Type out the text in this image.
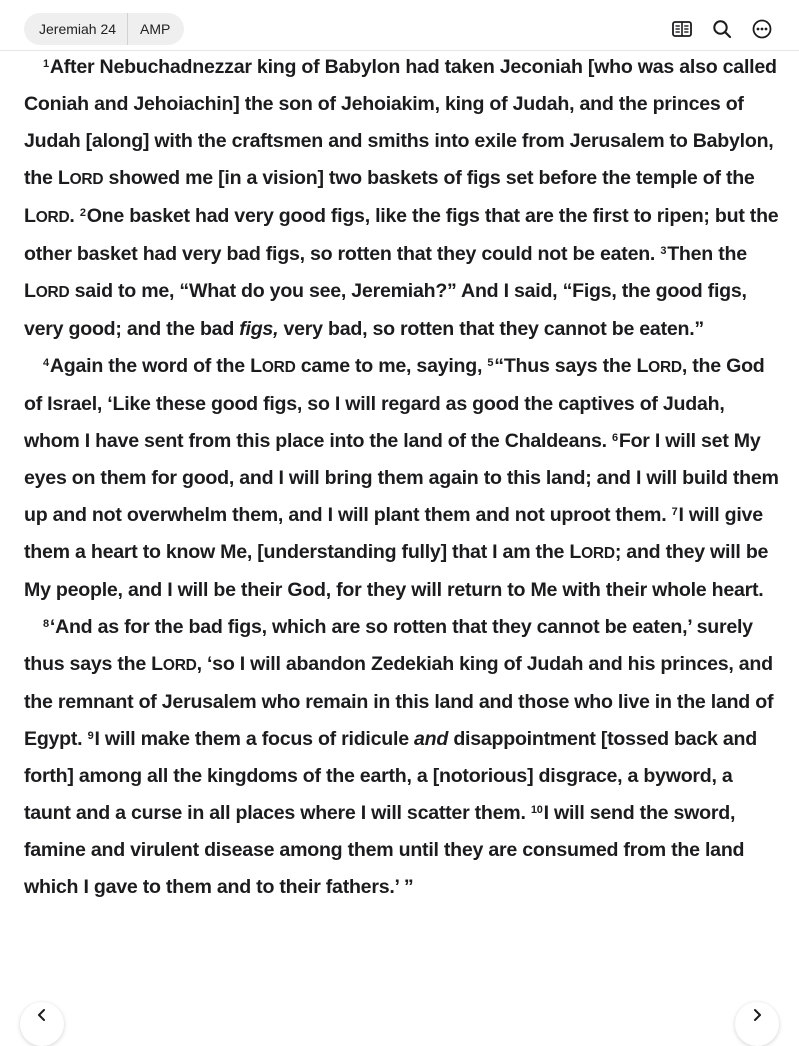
Jeremiah 24	AMP

$^1$After Nebuchadnezzar king of Babylon had taken Jeconiah [who was also called Coniah and Jehoiachin] the son of Jehoiakim, king of Judah, and the princes of Judah [along] with the craftsmen and smiths into exile from Jerusalem to Babylon, the LORD showed me [in a vision] two baskets of figs set before the temple of the LORD. $^2$One basket had very good figs, like the figs that are the first to ripen; but the other basket had very bad figs, so rotten that they could not be eaten. $^3$Then the LORD said to me, “What do you see, Jeremiah?” And I said, “Figs, the good figs, very good; and the bad figs, very bad, so rotten that they cannot be eaten.”

$^4$Again the word of the LORD came to me, saying, $^5$“Thus says the LORD, the God of Israel, ‘Like these good figs, so I will regard as good the captives of Judah, whom I have sent from this place into the land of the Chaldeans. $^6$For I will set My eyes on them for good, and I will bring them again to this land; and I will build them up and not overwhelm them, and I will plant them and not uproot them. $^7$I will give them a heart to know Me, [understanding fully] that I am the LORD; and they will be My people, and I will be their God, for they will return to Me with their whole heart.

$^8$‘And as for the bad figs, which are so rotten that they cannot be eaten,’ surely thus says the LORD, ‘so I will abandon Zedekiah king of Judah and his princes, and the remnant of Jerusalem who remain in this land and those who live in the land of Egypt. $^9$I will make them a focus of ridicule and disappointment [tossed back and forth] among all the kingdoms of the earth, a [notorious] disgrace, a byword, a taunt and a curse in all places where I will scatter them. $^{10}$I will send the sword, famine and virulent disease among them until they are consumed from the land which I gave to them and to their fathers.’ ”
